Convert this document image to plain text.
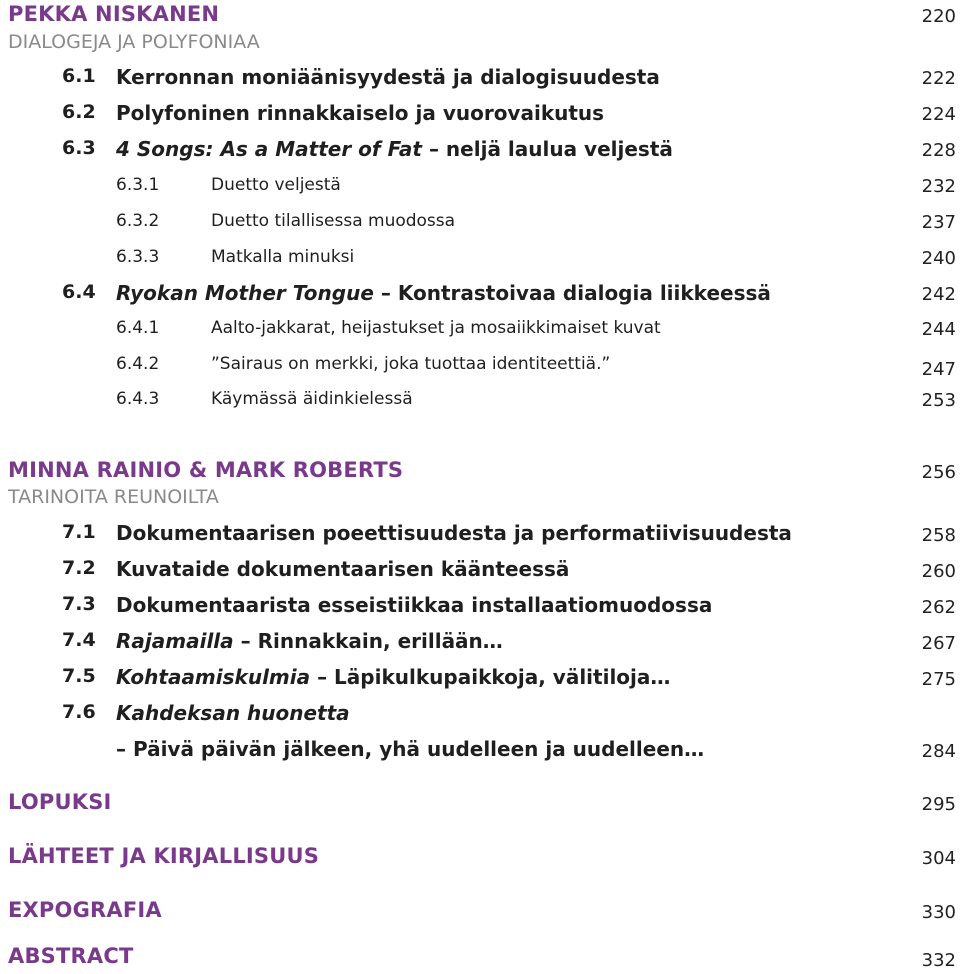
PEKKA NISKANEN	220
DIALOGEJA JA POLYFONIAA
6.1 Kerronnan moniäänisyydestä ja dialogisuudesta	222
6.2 Polyfoninen rinnakkaiselo ja vuorovaikutus	224
6.3 4 Songs: As a Matter of Fat – neljä laulua veljestä	228
6.3.1	Duetto veljestä	232
6.3.2	Duetto tilallisessa muodossa	237
6.3.3	Matkalla minuksi	240
6.4 Ryokan Mother Tongue – Kontrastoivaa dialogia liikkeessä	242
6.4.1	Aalto-jakkarat, heijastukset ja mosaiikkimaiset kuvat	244
6.4.2	”Sairaus on merkki, joka tuottaa identiteettiä.”	247
6.4.3	Käymässä äidinkielessä	253
MINNA RAINIO & MARK ROBERTS	256
TARINOITA REUNOILTA
7.1 Dokumentaarisen poeettisuudesta ja performatiivisuudesta	258
7.2 Kuvataide dokumentaarisen käänteessä	260
7.3 Dokumentaarista esseistiikkaa installaatiomuodossa	262
7.4 Rajamailla – Rinnakkain, erillään…	267
7.5 Kohtaamiskulmia – Läpikulkupaikkoja, välitiloja…	275
7.6 Kahdeksan huonetta
– Päivä päivän jälkeen, yhä uudelleen ja uudelleen…	284
LOPUKSI	295
LÄHTEET JA KIRJALLISUUS	304
EXPOGRAFIA	330
ABSTRACT	332
